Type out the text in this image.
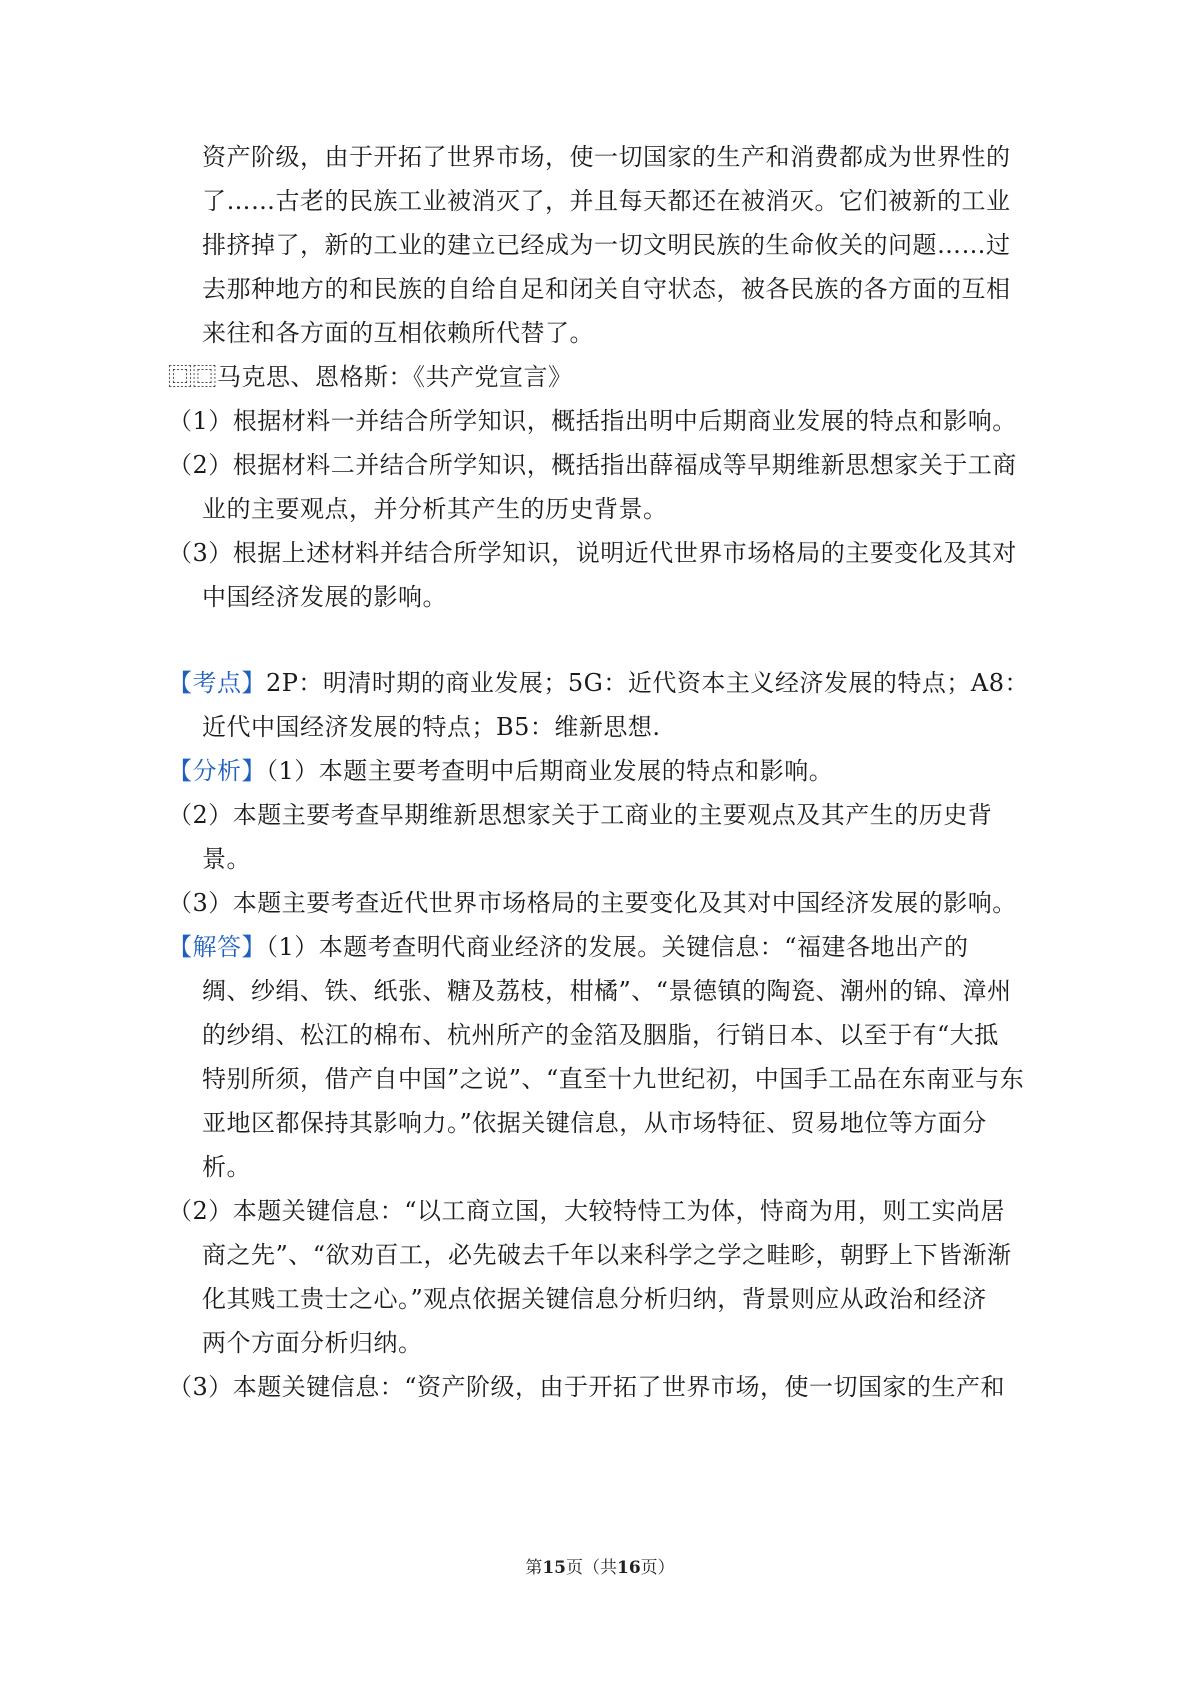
资产阶级，由于开拓了世界市场，使一切国家的生产和消费都成为世界性的
了……古老的民族工业被消灭了，并且每天都还在被消灭。它们被新的工业
排挤掉了，新的工业的建立已经成为一切文明民族的生命攸关的问题……过
去那种地方的和民族的自给自足和闭关自守状态，被各民族的各方面的互相
来往和各方面的互相依赖所代替了。
⿴⿴马克思、恩格斯：《共产党宣言》
（1）根据材料一并结合所学知识，概括指出明中后期商业发展的特点和影响。
（2）根据材料二并结合所学知识，概括指出薛福成等早期维新思想家关于工商
业的主要观点，并分析其产生的历史背景。
（3）根据上述材料并结合所学知识，说明近代世界市场格局的主要变化及其对
中国经济发展的影响。
【考点】2P：明清时期的商业发展；5G：近代资本主义经济发展的特点；A8：
近代中国经济发展的特点；B5：维新思想.
【分析】（1）本题主要考查明中后期商业发展的特点和影响。
（2）本题主要考查早期维新思想家关于工商业的主要观点及其产生的历史背
景。
（3）本题主要考查近代世界市场格局的主要变化及其对中国经济发展的影响。
【解答】（1）本题考查明代商业经济的发展。关键信息：“福建各地出产的
绸、纱绢、铁、纸张、糖及荔枝，柑橘”、“景德镇的陶瓷、潮州的锦、漳州
的纱绢、松江的棉布、杭州所产的金箔及胭脂，行销日本、以至于有“大抵
特别所须，借产自中国”之说”、“直至十九世纪初，中国手工品在东南亚与东
亚地区都保持其影响力。”依据关键信息，从市场特征、贸易地位等方面分
析。
（2）本题关键信息：“以工商立国，大较特恃工为体，恃商为用，则工实尚居
商之先”、“欲劝百工，必先破去千年以来科学之学之畦畛，朝野上下皆渐渐
化其贱工贵士之心。”观点依据关键信息分析归纳，背景则应从政治和经济
两个方面分析归纳。
（3）本题关键信息：“资产阶级，由于开拓了世界市场，使一切国家的生产和
第15页（共16页）
